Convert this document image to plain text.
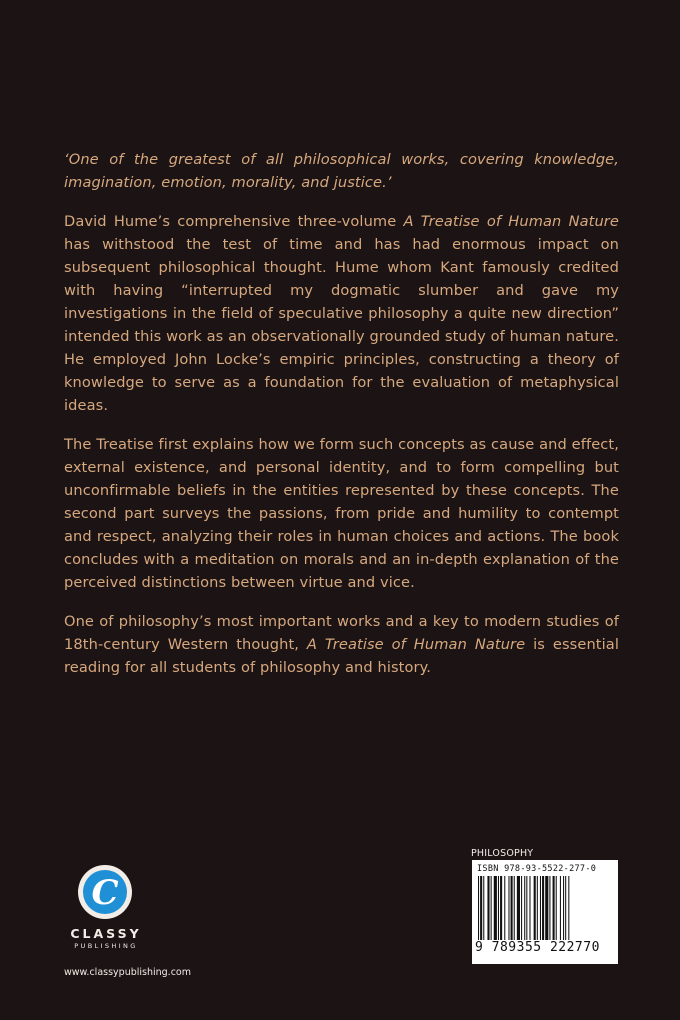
‘One of the greatest of all philosophical works, covering knowledge, imagination, emotion, morality, and justice.’

David Hume’s comprehensive three-volume A Treatise of Human Nature has withstood the test of time and has had enormous impact on subsequent philosophical thought. Hume whom Kant famously credited with having “interrupted my dogmatic slumber and gave my investigations in the field of speculative philosophy a quite new direction” intended this work as an observationally grounded study of human nature. He employed John Locke’s empiric principles, constructing a theory of knowledge to serve as a foundation for the evaluation of metaphysical ideas.

The Treatise first explains how we form such concepts as cause and effect, external existence, and personal identity, and to form compelling but unconfirmable beliefs in the entities represented by these concepts. The second part surveys the passions, from pride and humility to contempt and respect, analyzing their roles in human choices and actions. The book concludes with a meditation on morals and an in-depth explanation of the perceived distinctions between virtue and vice.

One of philosophy’s most important works and a key to modern studies of 18th-century Western thought, A Treatise of Human Nature is essential reading for all students of philosophy and history.

C
CLASSY
PUBLISHING
www.classypublishing.com
PHILOSOPHY
ISBN 978-93-5522-277-0
9 789355 222770
